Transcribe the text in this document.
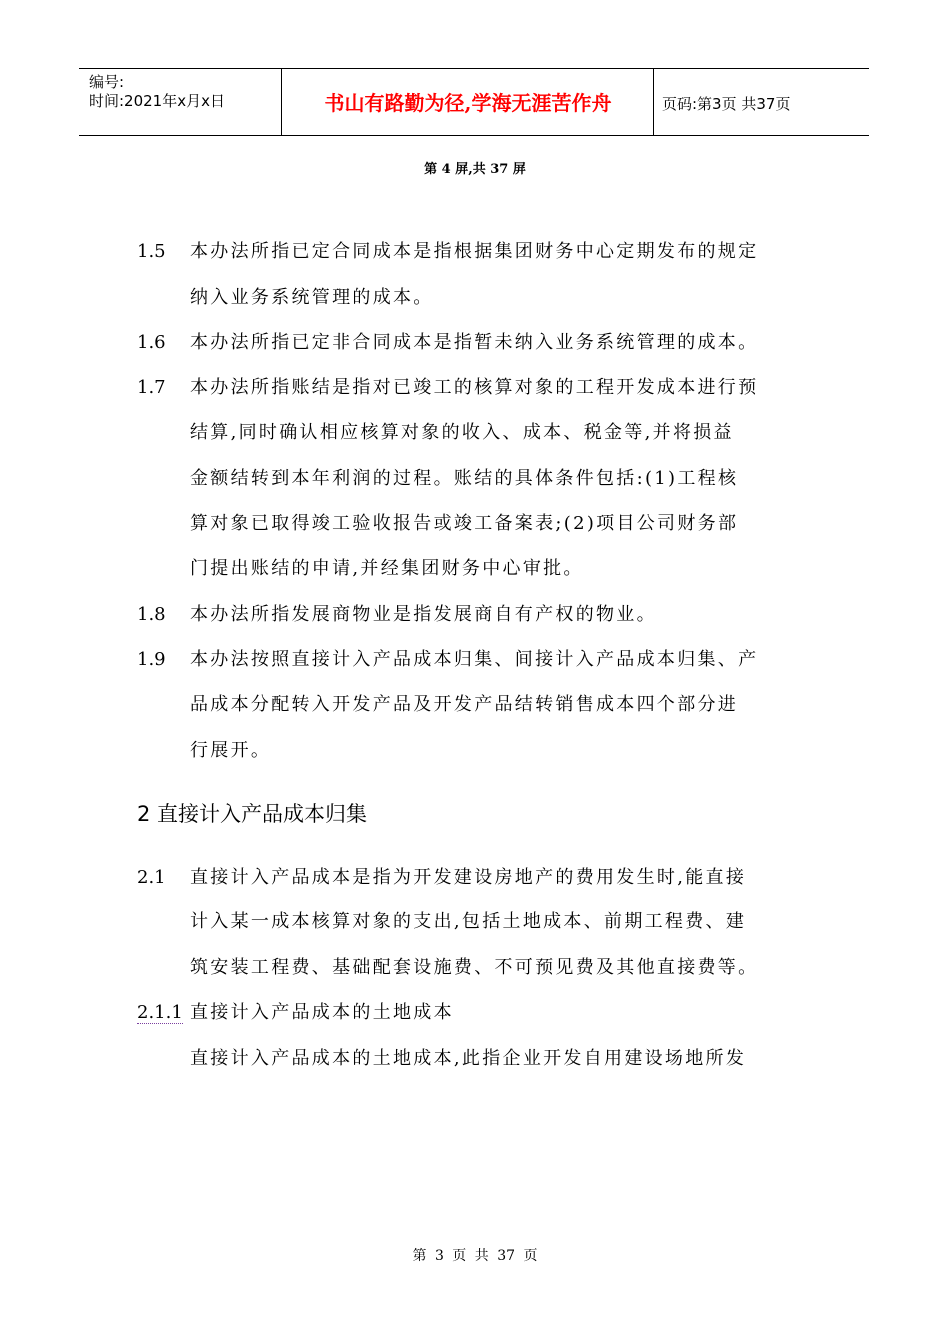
编号:
时间:2021年x月x日	书山有路勤为径,学海无涯苦作舟	页码:第3页 共37页
第 4 屏,共 37 屏
1.5 本办法所指已定合同成本是指根据集团财务中心定期发布的规定
纳入业务系统管理的成本。
1.6 本办法所指已定非合同成本是指暂未纳入业务系统管理的成本。
1.7 本办法所指账结是指对已竣工的核算对象的工程开发成本进行预
结算,同时确认相应核算对象的收入、成本、税金等,并将损益
金额结转到本年利润的过程。账结的具体条件包括:(1)工程核
算对象已取得竣工验收报告或竣工备案表;(2)项目公司财务部
门提出账结的申请,并经集团财务中心审批。
1.8 本办法所指发展商物业是指发展商自有产权的物业。
1.9 本办法按照直接计入产品成本归集、间接计入产品成本归集、产
品成本分配转入开发产品及开发产品结转销售成本四个部分进
行展开。
2 直接计入产品成本归集
2.1 直接计入产品成本是指为开发建设房地产的费用发生时,能直接
计入某一成本核算对象的支出,包括土地成本、前期工程费、建
筑安装工程费、基础配套设施费、不可预见费及其他直接费等。
2.1.1 直接计入产品成本的土地成本
直接计入产品成本的土地成本,此指企业开发自用建设场地所发
第 3 页 共 37 页
